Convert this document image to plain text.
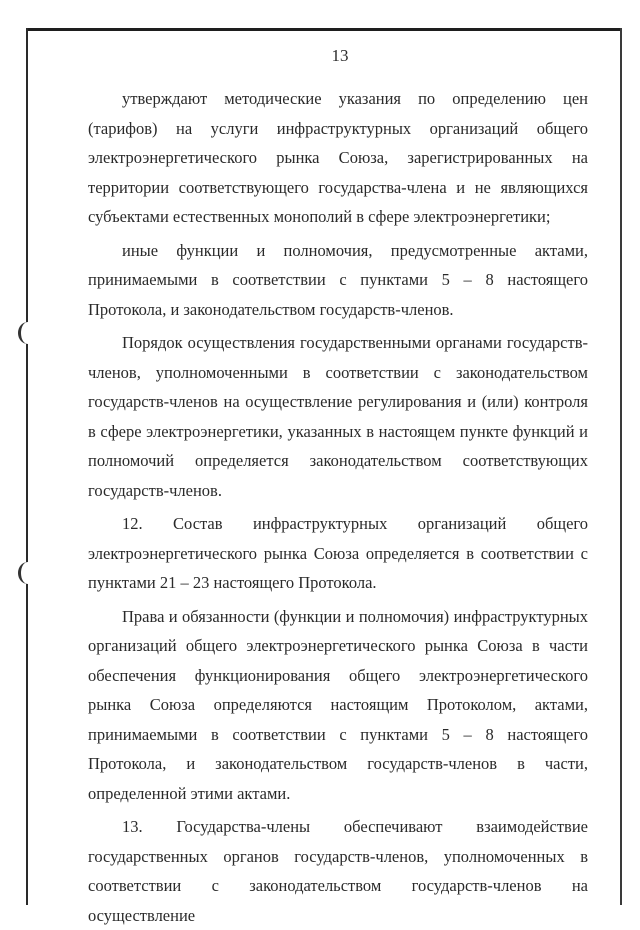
13

утверждают методические указания по определению цен (тарифов) на услуги инфраструктурных организаций общего электроэнергетического рынка Союза, зарегистрированных на территории соответствующего государства-члена и не являющихся субъектами естественных монополий в сфере электроэнергетики;

иные функции и полномочия, предусмотренные актами, принимаемыми в соответствии с пунктами 5 – 8 настоящего Протокола, и законодательством государств-членов.

Порядок осуществления государственными органами государств-членов, уполномоченными в соответствии с законодательством государств-членов на осуществление регулирования и (или) контроля в сфере электроэнергетики, указанных в настоящем пункте функций и полномочий определяется законодательством соответствующих государств-членов.

12. Состав инфраструктурных организаций общего электроэнергетического рынка Союза определяется в соответствии с пунктами 21 – 23 настоящего Протокола.

Права и обязанности (функции и полномочия) инфраструктурных организаций общего электроэнергетического рынка Союза в части обеспечения функционирования общего электроэнергетического рынка Союза определяются настоящим Протоколом, актами, принимаемыми в соответствии с пунктами 5 – 8 настоящего Протокола, и законодательством государств-членов в части, определенной этими актами.

13. Государства-члены обеспечивают взаимодействие государственных органов государств-членов, уполномоченных в соответствии с законодательством государств-членов на осуществление
